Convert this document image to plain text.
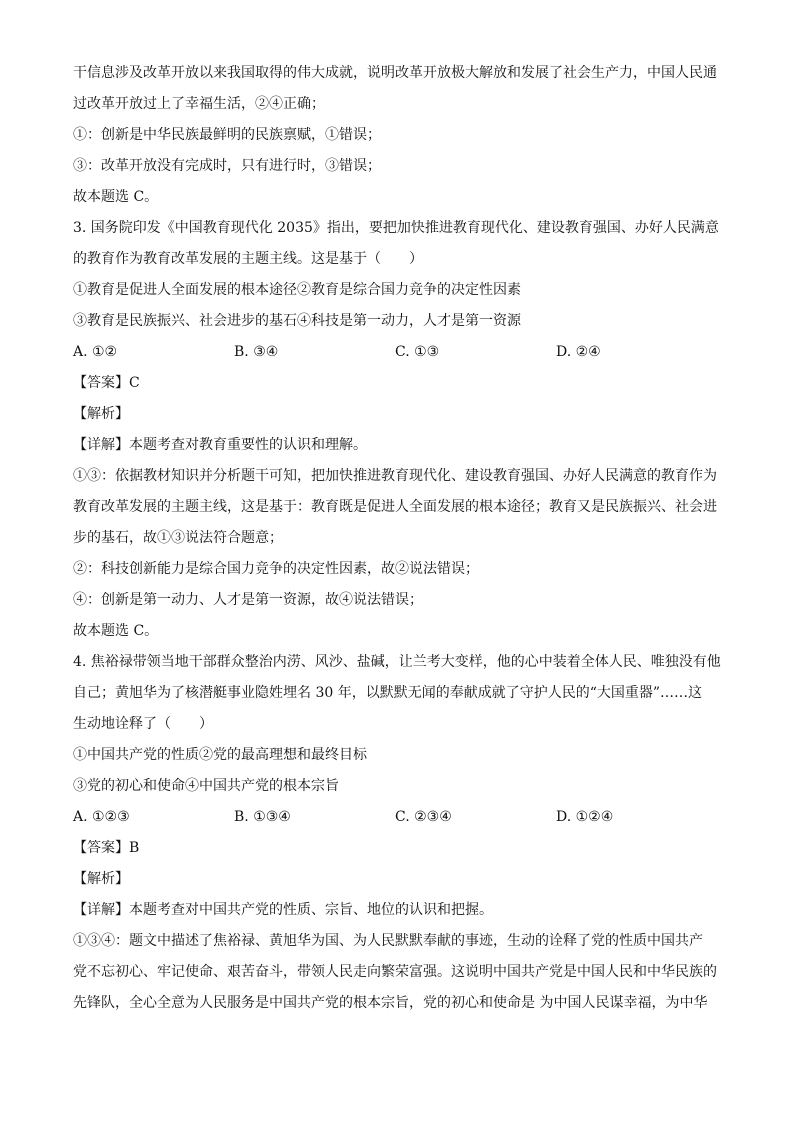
干信息涉及改革开放以来我国取得的伟大成就，说明改革开放极大解放和发展了社会生产力，中国人民通
过改革开放过上了幸福生活，②④正确；
①：创新是中华民族最鲜明的民族禀赋，①错误；
③：改革开放没有完成时，只有进行时，③错误；
故本题选 C。
3. 国务院印发《中国教育现代化 2035》指出，要把加快推进教育现代化、建设教育强国、办好人民满意
的教育作为教育改革发展的主题主线。这是基于（　　）
①教育是促进人全面发展的根本途径②教育是综合国力竞争的决定性因素
③教育是民族振兴、社会进步的基石④科技是第一动力，人才是第一资源
A. ①②	B. ③④	C. ①③	D. ②④
【答案】C
【解析】
【详解】本题考查对教育重要性的认识和理解。
①③：依据教材知识并分析题干可知，把加快推进教育现代化、建设教育强国、办好人民满意的教育作为
教育改革发展的主题主线，这是基于：教育既是促进人全面发展的根本途径；教育又是民族振兴、社会进
步的基石，故①③说法符合题意；
②：科技创新能力是综合国力竞争的决定性因素，故②说法错误；
④：创新是第一动力、人才是第一资源，故④说法错误；
故本题选 C。
4. 焦裕禄带领当地干部群众整治内涝、风沙、盐碱，让兰考大变样，他的心中装着全体人民、唯独没有他
自己；黄旭华为了核潜艇事业隐姓埋名 30 年，以默默无闻的奉献成就了守护人民的“大国重器”……这
生动地诠释了（　　）
①中国共产党的性质②党的最高理想和最终目标
③党的初心和使命④中国共产党的根本宗旨
A. ①②③	B. ①③④	C. ②③④	D. ①②④
【答案】B
【解析】
【详解】本题考查对中国共产党的性质、宗旨、地位的认识和把握。
①③④：题文中描述了焦裕禄、黄旭华为国、为人民默默奉献的事迹，生动的诠释了党的性质中国共产
党不忘初心、牢记使命、艰苦奋斗，带领人民走向繁荣富强。这说明中国共产党是中国人民和中华民族的
先锋队，全心全意为人民服务是中国共产党的根本宗旨，党的初心和使命是 为中国人民谋幸福，为中华
